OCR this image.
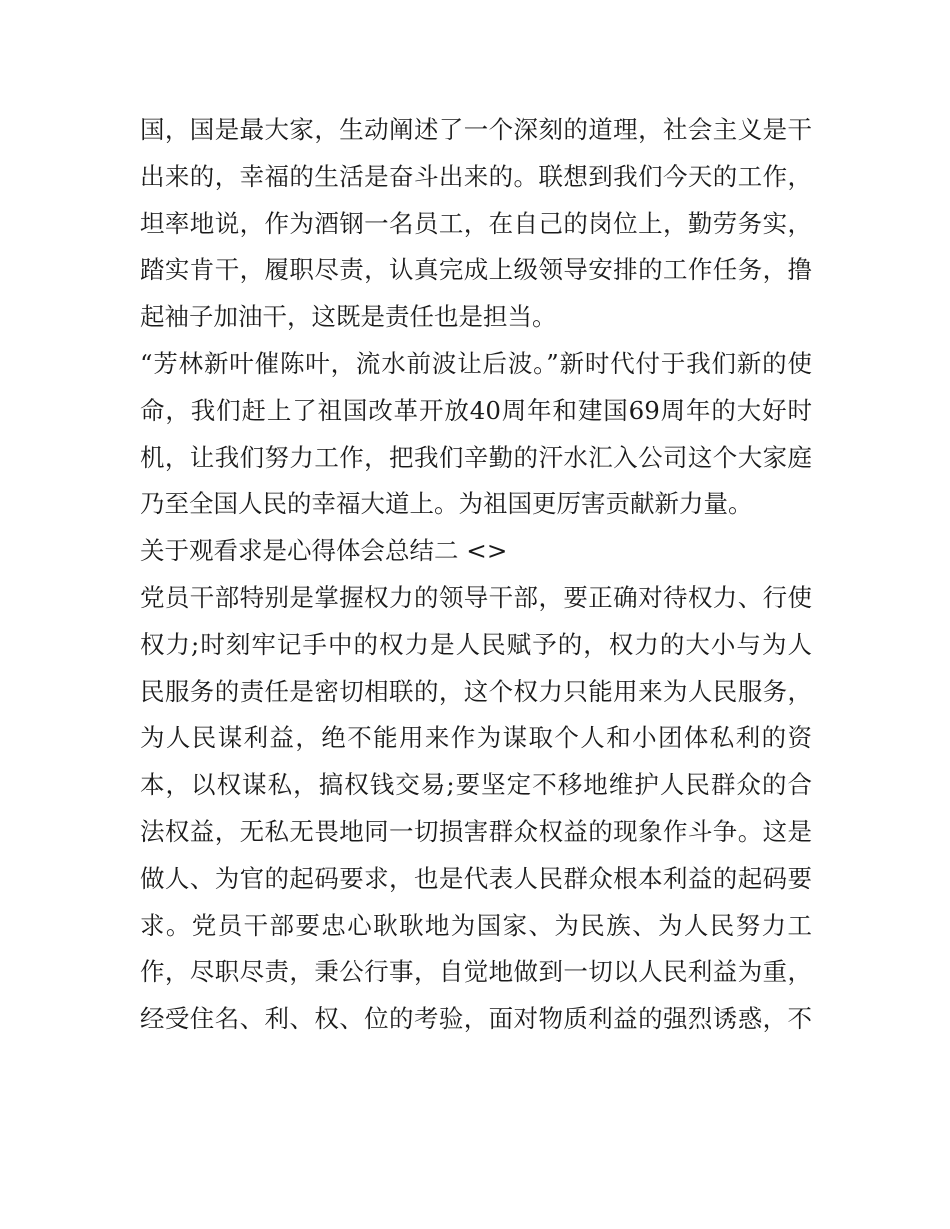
国，国是最大家，生动阐述了一个深刻的道理，社会主义是干
出来的，幸福的生活是奋斗出来的。联想到我们今天的工作，
坦率地说，作为酒钢一名员工，在自己的岗位上，勤劳务实，
踏实肯干，履职尽责，认真完成上级领导安排的工作任务，撸
起袖子加油干，这既是责任也是担当。
“芳林新叶催陈叶，流水前波让后波。”新时代付于我们新的使
命，我们赶上了祖国改革开放40周年和建国69周年的大好时
机，让我们努力工作，把我们辛勤的汗水汇入公司这个大家庭
乃至全国人民的幸福大道上。为祖国更厉害贡献新力量。
关于观看求是心得体会总结二 <>
党员干部特别是掌握权力的领导干部，要正确对待权力、行使
权力;时刻牢记手中的权力是人民赋予的，权力的大小与为人
民服务的责任是密切相联的，这个权力只能用来为人民服务，
为人民谋利益，绝不能用来作为谋取个人和小团体私利的资
本，以权谋私，搞权钱交易;要坚定不移地维护人民群众的合
法权益，无私无畏地同一切损害群众权益的现象作斗争。这是
做人、为官的起码要求，也是代表人民群众根本利益的起码要
求。党员干部要忠心耿耿地为国家、为民族、为人民努力工
作，尽职尽责，秉公行事，自觉地做到一切以人民利益为重，
经受住名、利、权、位的考验，面对物质利益的强烈诱惑，不
